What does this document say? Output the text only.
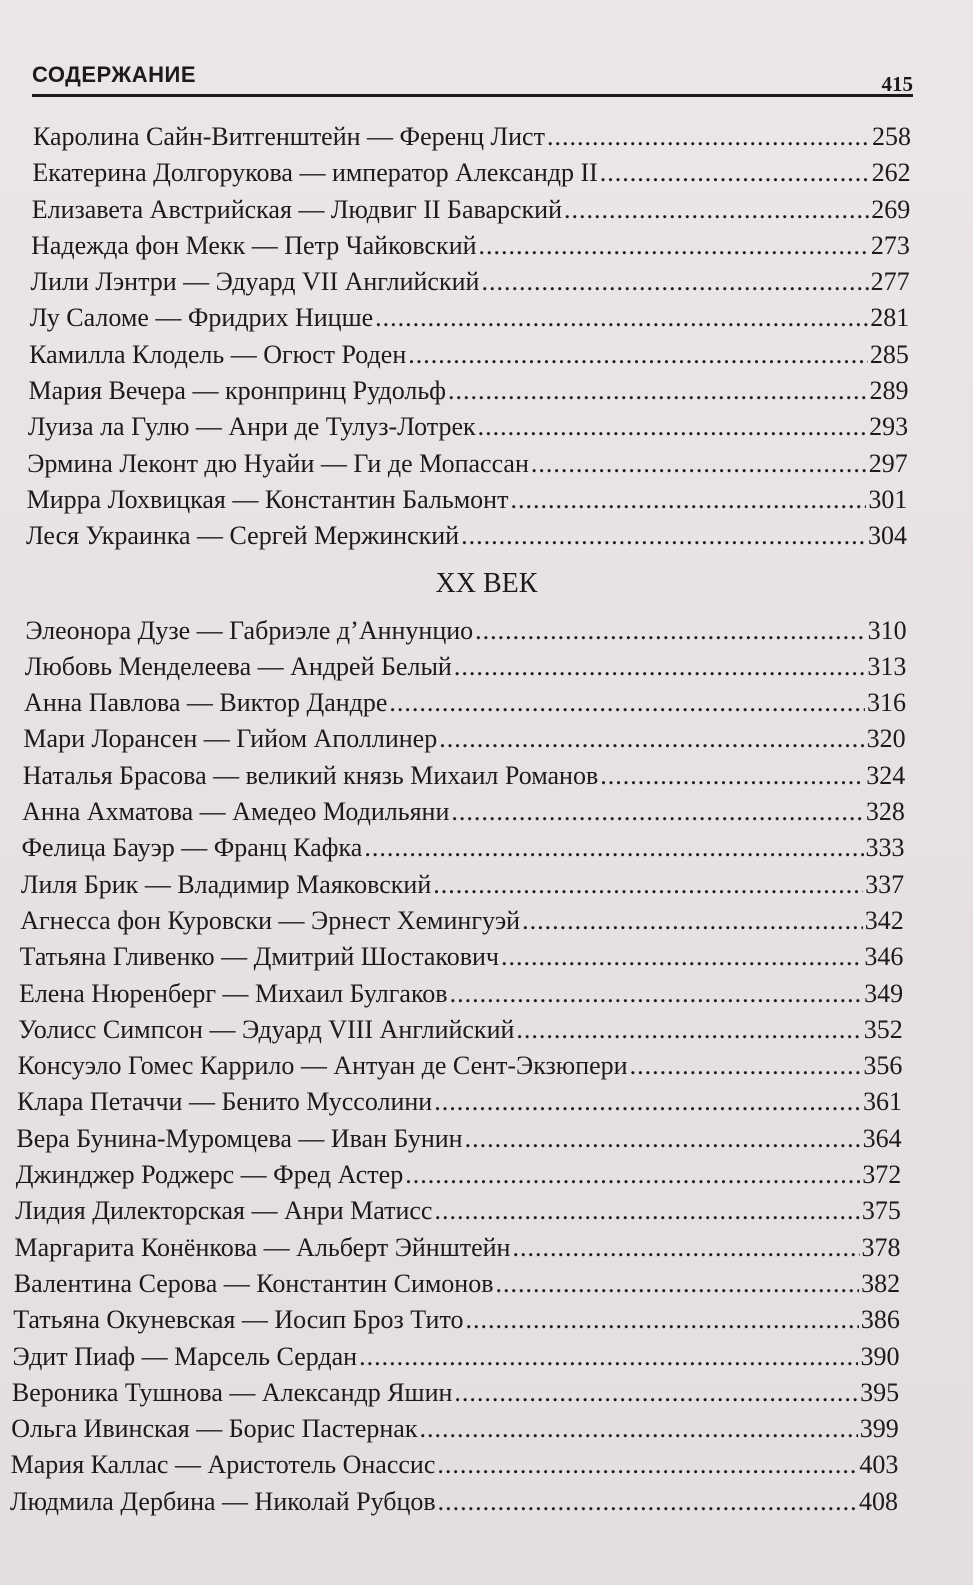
СОДЕРЖАНИЕ	415
Каролина Сайн-Витгенштейн — Ференц Лист .....	258
Екатерина Долгорукова — император Александр II .....	262
Елизавета Австрийская — Людвиг II Баварский .....	269
Надежда фон Мекк — Петр Чайковский .....	273
Лили Лэнтри — Эдуард VII Английский .....	277
Лу Саломе — Фридрих Ницше .....	281
Камилла Клодель — Огюст Роден .....	285
Мария Вечера — кронпринц Рудольф .....	289
Луиза ла Гулю — Анри де Тулуз-Лотрек .....	293
Эрмина Леконт дю Нуайи — Ги де Мопассан .....	297
Мирра Лохвицкая — Константин Бальмонт .....	301
Леся Украинка — Сергей Мержинский .....	304
XX ВЕК
Элеонора Дузе — Габриэле д’Аннунцио .....	310
Любовь Менделеева — Андрей Белый .....	313
Анна Павлова — Виктор Дандре .....	316
Мари Лорансен — Гийом Аполлинер .....	320
Наталья Брасова — великий князь Михаил Романов .....	324
Анна Ахматова — Амедео Модильяни .....	328
Фелица Бауэр — Франц Кафка .....	333
Лиля Брик — Владимир Маяковский .....	337
Агнесса фон Куровски — Эрнест Хемингуэй .....	342
Татьяна Гливенко — Дмитрий Шостакович .....	346
Елена Нюренберг — Михаил Булгаков .....	349
Уолисс Симпсон — Эдуард VIII Английский .....	352
Консуэло Гомес Каррило — Антуан де Сент-Экзюпери .....	356
Клара Петаччи — Бенито Муссолини .....	361
Вера Бунина-Муромцева — Иван Бунин .....	364
Джинджер Роджерс — Фред Астер .....	372
Лидия Дилекторская — Анри Матисс .....	375
Маргарита Конёнкова — Альберт Эйнштейн .....	378
Валентина Серова — Константин Симонов .....	382
Татьяна Окуневская — Иосип Броз Тито .....	386
Эдит Пиаф — Марсель Сердан .....	390
Вероника Тушнова — Александр Яшин .....	395
Ольга Ивинская — Борис Пастернак .....	399
Мария Каллас — Аристотель Онассис .....	403
Людмила Дербина — Николай Рубцов .....	408
